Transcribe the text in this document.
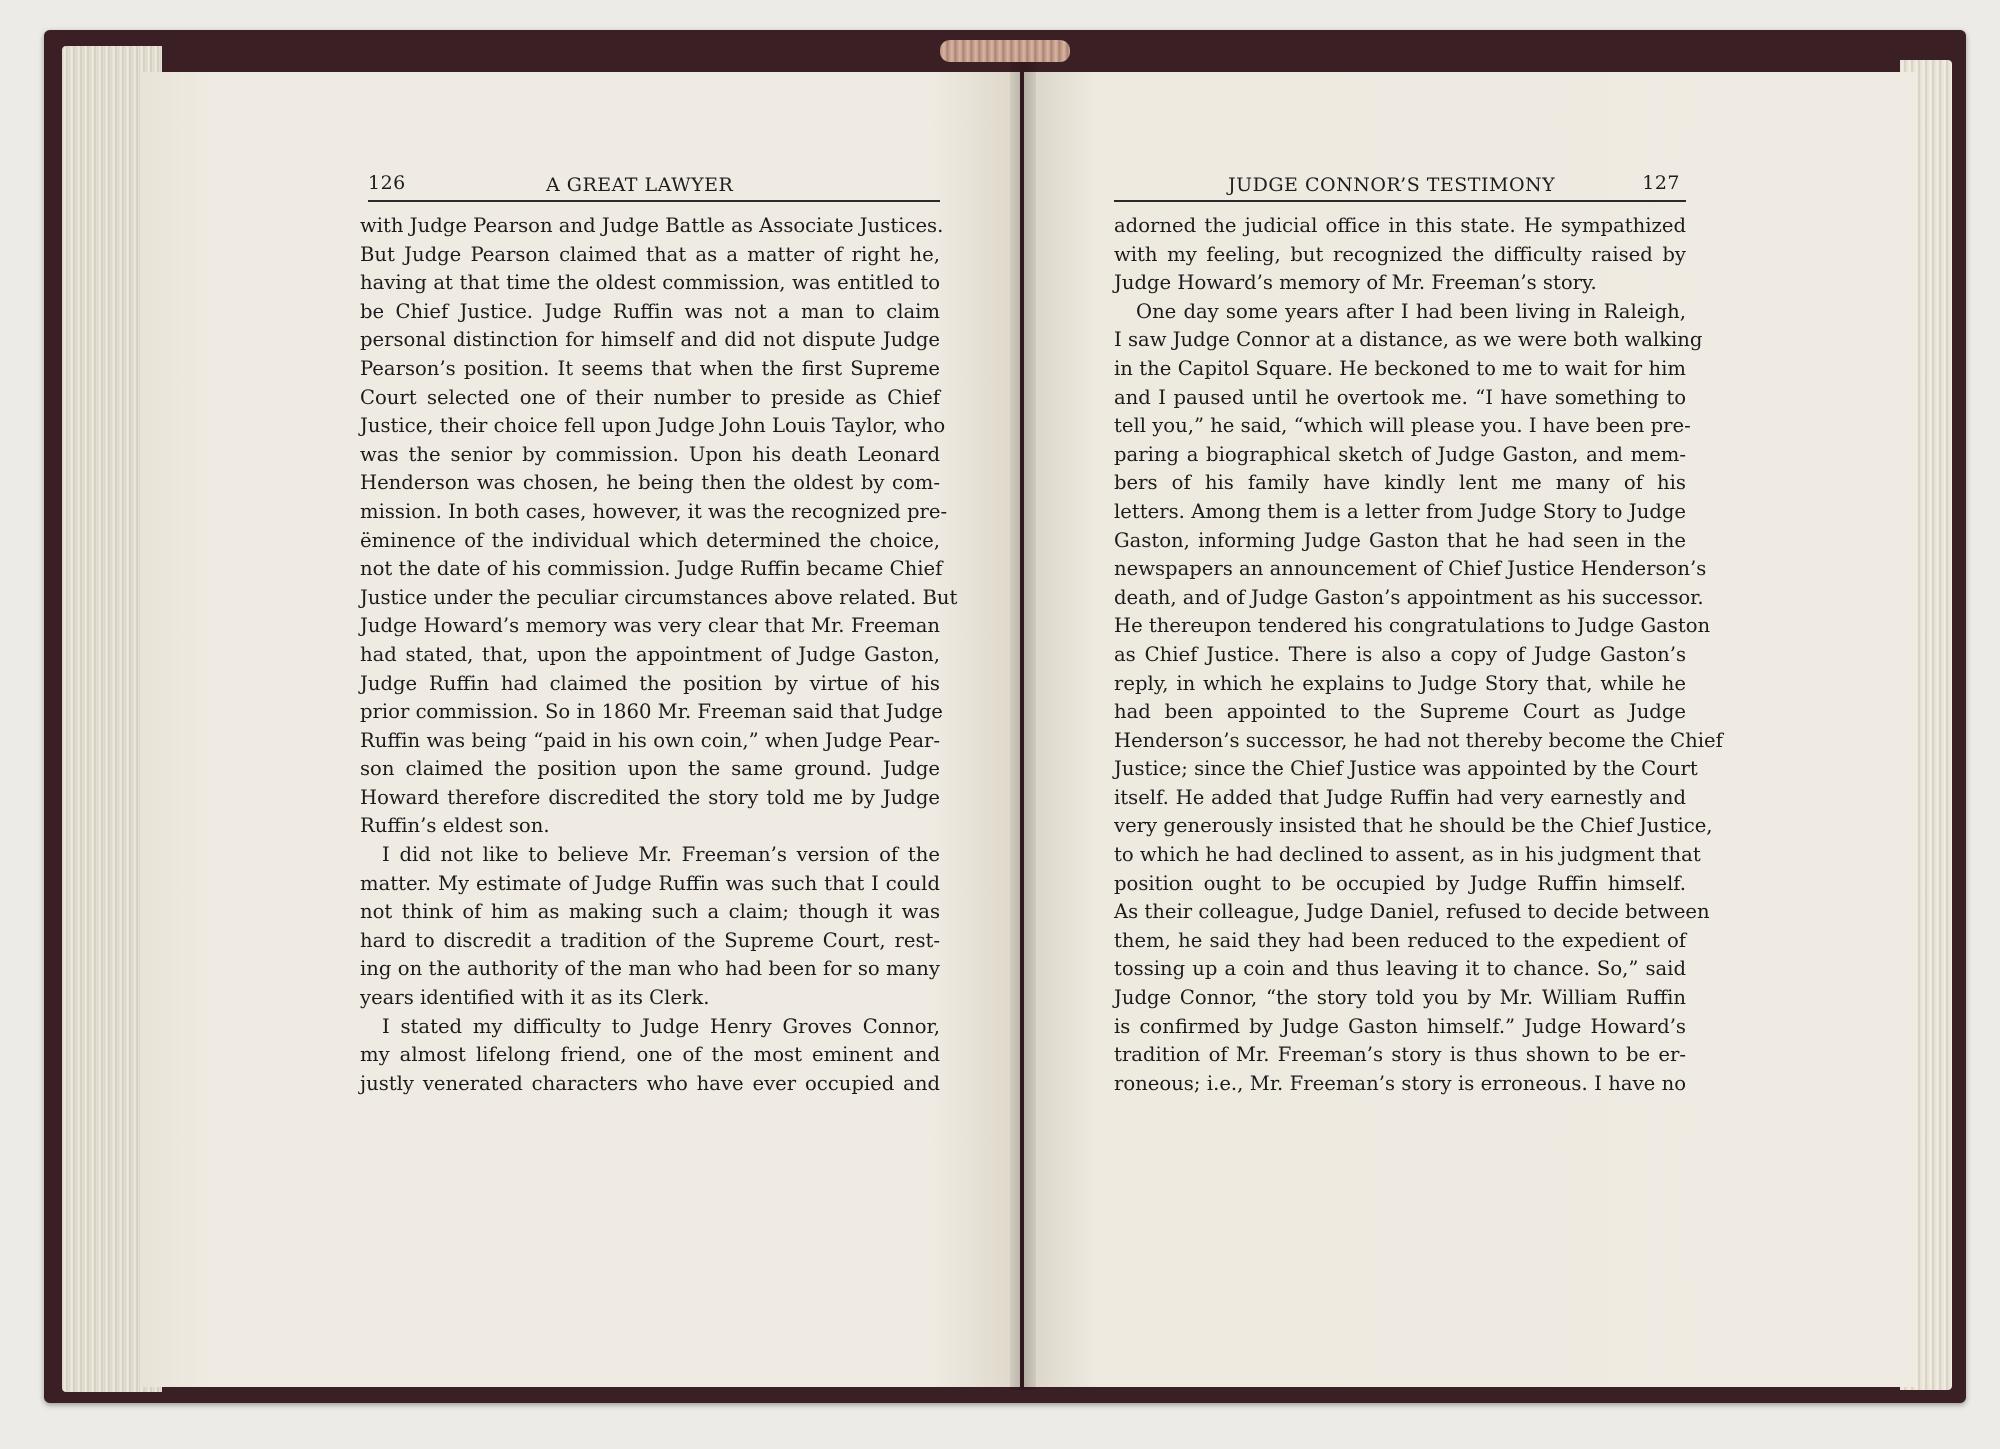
126	A GREAT LAWYER	JUDGE CONNOR’S TESTIMONY	127
with Judge Pearson and Judge Battle as Associate Justices.
But Judge Pearson claimed that as a matter of right he,
having at that time the oldest commission, was entitled to
be Chief Justice. Judge Ruffin was not a man to claim
personal distinction for himself and did not dispute Judge
Pearson’s position. It seems that when the first Supreme
Court selected one of their number to preside as Chief
Justice, their choice fell upon Judge John Louis Taylor, who
was the senior by commission. Upon his death Leonard
Henderson was chosen, he being then the oldest by com-
mission. In both cases, however, it was the recognized pre-
ëminence of the individual which determined the choice,
not the date of his commission. Judge Ruffin became Chief
Justice under the peculiar circumstances above related. But
Judge Howard’s memory was very clear that Mr. Freeman
had stated, that, upon the appointment of Judge Gaston,
Judge Ruffin had claimed the position by virtue of his
prior commission. So in 1860 Mr. Freeman said that Judge
Ruffin was being “paid in his own coin,” when Judge Pear-
son claimed the position upon the same ground. Judge
Howard therefore discredited the story told me by Judge
Ruffin’s eldest son.
I did not like to believe Mr. Freeman’s version of the
matter. My estimate of Judge Ruffin was such that I could
not think of him as making such a claim; though it was
hard to discredit a tradition of the Supreme Court, rest-
ing on the authority of the man who had been for so many
years identified with it as its Clerk.
I stated my difficulty to Judge Henry Groves Connor,
my almost lifelong friend, one of the most eminent and
justly venerated characters who have ever occupied and
adorned the judicial office in this state. He sympathized
with my feeling, but recognized the difficulty raised by
Judge Howard’s memory of Mr. Freeman’s story.
One day some years after I had been living in Raleigh,
I saw Judge Connor at a distance, as we were both walking
in the Capitol Square. He beckoned to me to wait for him
and I paused until he overtook me. “I have something to
tell you,” he said, “which will please you. I have been pre-
paring a biographical sketch of Judge Gaston, and mem-
bers of his family have kindly lent me many of his
letters. Among them is a letter from Judge Story to Judge
Gaston, informing Judge Gaston that he had seen in the
newspapers an announcement of Chief Justice Henderson’s
death, and of Judge Gaston’s appointment as his successor.
He thereupon tendered his congratulations to Judge Gaston
as Chief Justice. There is also a copy of Judge Gaston’s
reply, in which he explains to Judge Story that, while he
had been appointed to the Supreme Court as Judge
Henderson’s successor, he had not thereby become the Chief
Justice; since the Chief Justice was appointed by the Court
itself. He added that Judge Ruffin had very earnestly and
very generously insisted that he should be the Chief Justice,
to which he had declined to assent, as in his judgment that
position ought to be occupied by Judge Ruffin himself.
As their colleague, Judge Daniel, refused to decide between
them, he said they had been reduced to the expedient of
tossing up a coin and thus leaving it to chance. So,” said
Judge Connor, “the story told you by Mr. William Ruffin
is confirmed by Judge Gaston himself.” Judge Howard’s
tradition of Mr. Freeman’s story is thus shown to be er-
roneous; i.e., Mr. Freeman’s story is erroneous. I have no
